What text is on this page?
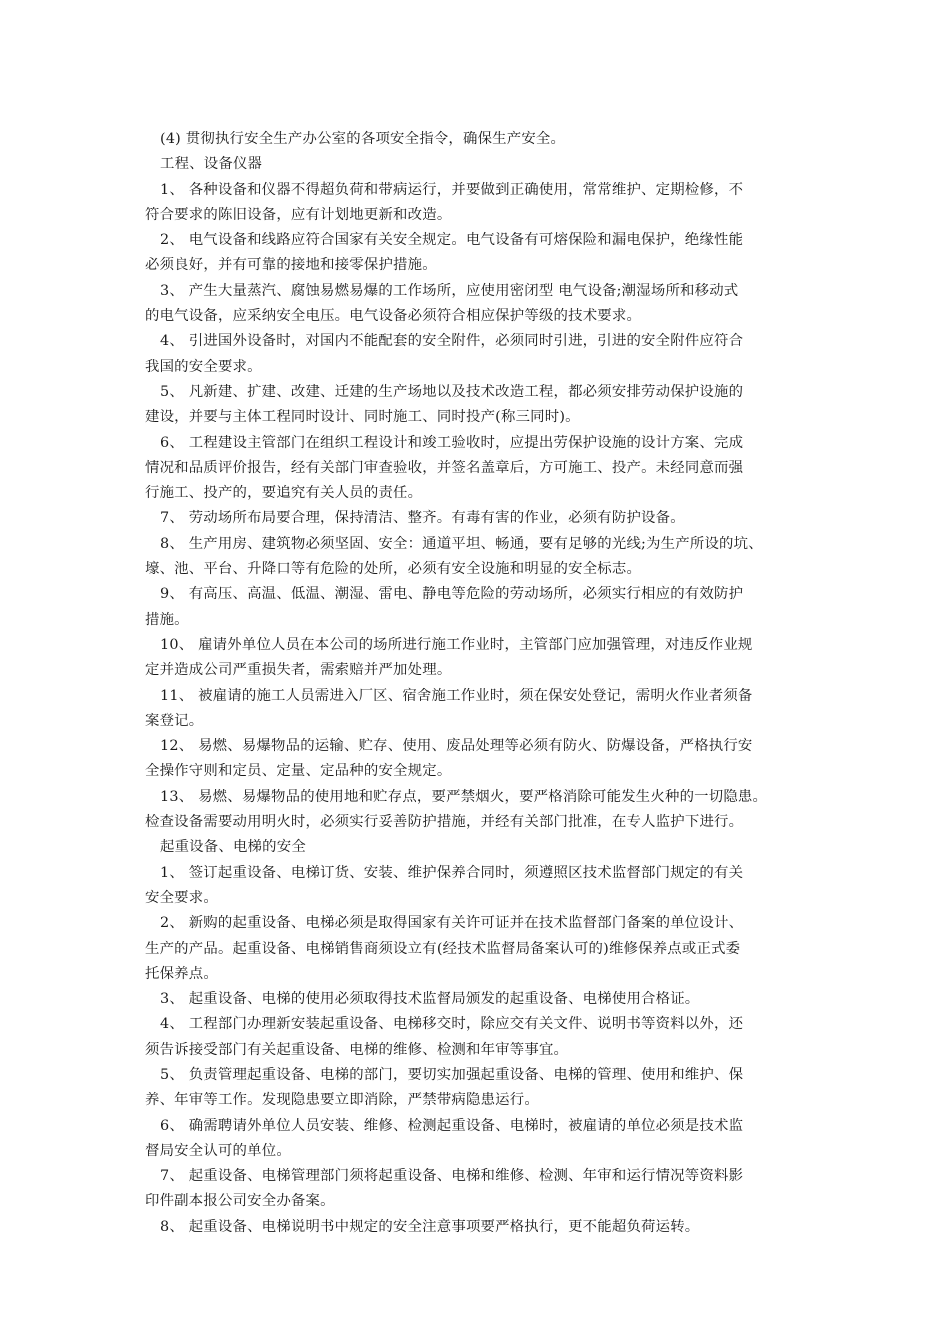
(4) 贯彻执行安全生产办公室的各项安全指令，确保生产安全。
工程、设备仪器
1、 各种设备和仪器不得超负荷和带病运行，并要做到正确使用，常常维护、定期检修，不
符合要求的陈旧设备，应有计划地更新和改造。
2、 电气设备和线路应符合国家有关安全规定。电气设备有可熔保险和漏电保护，绝缘性能
必须良好，并有可靠的接地和接零保护措施。
3、 产生大量蒸汽、腐蚀易燃易爆的工作场所，应使用密闭型 电气设备;潮湿场所和移动式
的电气设备，应采纳安全电压。电气设备必须符合相应保护等级的技术要求。
4、 引进国外设备时，对国内不能配套的安全附件，必须同时引进，引进的安全附件应符合
我国的安全要求。
5、 凡新建、扩建、改建、迁建的生产场地以及技术改造工程，都必须安排劳动保护设施的
建设，并要与主体工程同时设计、同时施工、同时投产(称三同时)。
6、 工程建设主管部门在组织工程设计和竣工验收时，应提出劳保护设施的设计方案、完成
情况和品质评价报告，经有关部门审查验收，并签名盖章后，方可施工、投产。未经同意而强
行施工、投产的，要追究有关人员的责任。
7、 劳动场所布局要合理，保持清洁、整齐。有毒有害的作业，必须有防护设备。
8、 生产用房、建筑物必须坚固、安全：通道平坦、畅通，要有足够的光线;为生产所设的坑、
壕、池、平台、升降口等有危险的处所，必须有安全设施和明显的安全标志。
9、 有高压、高温、低温、潮湿、雷电、静电等危险的劳动场所，必须实行相应的有效防护
措施。
10、 雇请外单位人员在本公司的场所进行施工作业时，主管部门应加强管理，对违反作业规
定并造成公司严重损失者，需索赔并严加处理。
11、 被雇请的施工人员需进入厂区、宿舍施工作业时，须在保安处登记，需明火作业者须备
案登记。
12、 易燃、易爆物品的运输、贮存、使用、废品处理等必须有防火、防爆设备，严格执行安
全操作守则和定员、定量、定品种的安全规定。
13、 易燃、易爆物品的使用地和贮存点，要严禁烟火，要严格消除可能发生火种的一切隐患。
检查设备需要动用明火时，必须实行妥善防护措施，并经有关部门批准，在专人监护下进行。
起重设备、电梯的安全
1、 签订起重设备、电梯订货、安装、维护保养合同时，须遵照区技术监督部门规定的有关
安全要求。
2、 新购的起重设备、电梯必须是取得国家有关许可证并在技术监督部门备案的单位设计、
生产的产品。起重设备、电梯销售商须设立有(经技术监督局备案认可的)维修保养点或正式委
托保养点。
3、 起重设备、电梯的使用必须取得技术监督局颁发的起重设备、电梯使用合格证。
4、 工程部门办理新安装起重设备、电梯移交时，除应交有关文件、说明书等资料以外，还
须告诉接受部门有关起重设备、电梯的维修、检测和年审等事宜。
5、 负责管理起重设备、电梯的部门，要切实加强起重设备、电梯的管理、使用和维护、保
养、年审等工作。发现隐患要立即消除，严禁带病隐患运行。
6、 确需聘请外单位人员安装、维修、检测起重设备、电梯时，被雇请的单位必须是技术监
督局安全认可的单位。
7、 起重设备、电梯管理部门须将起重设备、电梯和维修、检测、年审和运行情况等资料影
印件副本报公司安全办备案。
8、 起重设备、电梯说明书中规定的安全注意事项要严格执行，更不能超负荷运转。
